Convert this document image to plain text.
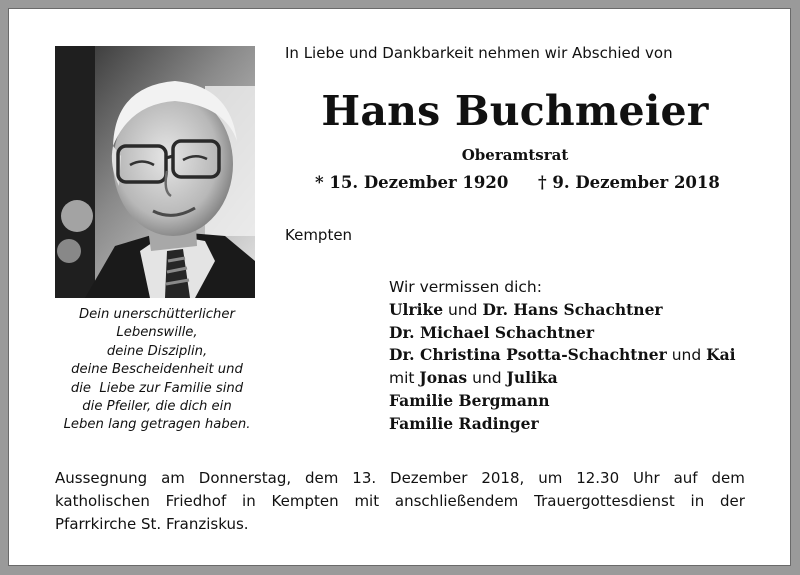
Dein unerschütterlicher
Lebenswille,
deine Disziplin,
deine Bescheidenheit und
die  Liebe zur Familie sind
die Pfeiler, die dich ein
Leben lang getragen haben.
In Liebe und Dankbarkeit nehmen wir Abschied von
Hans Buchmeier
Oberamtsrat
* 15. Dezember 1920 † 9. Dezember 2018
Kempten
Wir vermissen dich:
Ulrike und Dr. Hans Schachtner
Dr. Michael Schachtner
Dr. Christina Psotta-Schachtner und Kai
mit Jonas und Julika
Familie Bergmann
Familie Radinger
Aussegnung am Donnerstag, dem 13. Dezember 2018, um 12.30 Uhr auf dem
katholischen Friedhof in Kempten mit anschließendem Trauergottesdienst in der
Pfarrkirche St. Franziskus.
